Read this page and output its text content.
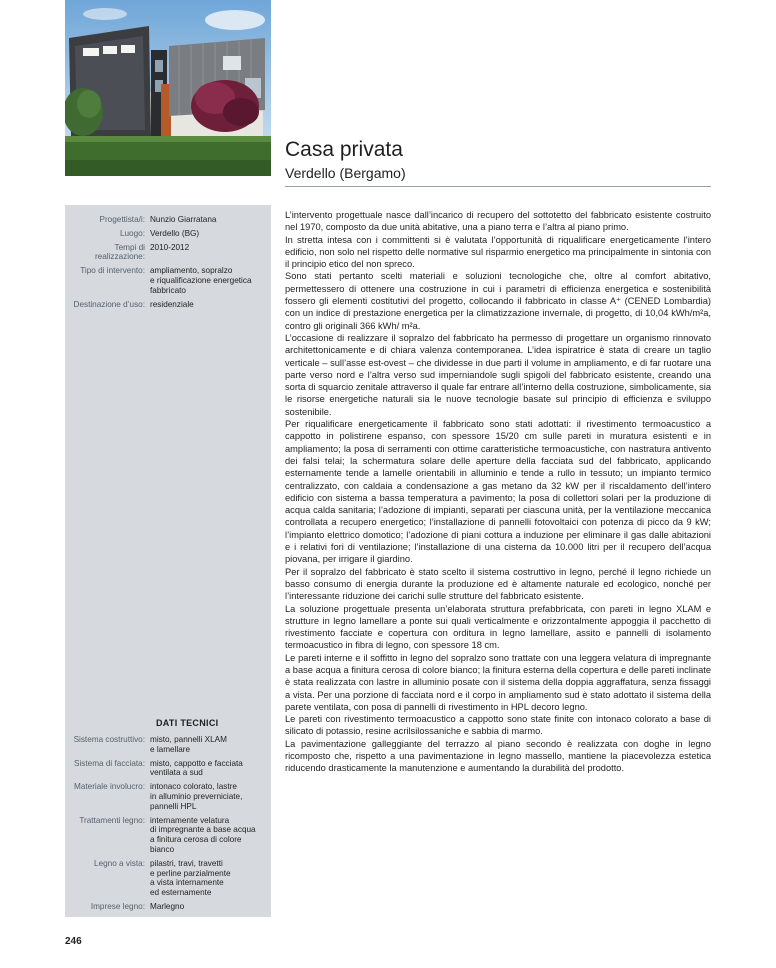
Casa privata
Verdello (Bergamo)
Progettista/i: Nunzio Giarratana
Luogo: Verdello (BG)
Tempi di realizzazione:
2010-2012
Tipo di intervento: ampliamento, sopralzo
e riqualificazione energetica
fabbricato
Destinazione d’uso: residenziale
DATI TECNICI
Sistema costruttivo: misto, pannelli XLAM
e lamellare
Sistema di facciata: misto, cappotto e facciata
ventilata a sud
Materiale involucro: intonaco colorato, lastre
in alluminio preverniciate,
pannelli HPL
Trattamenti legno: internamente velatura
di impregnante a base acqua
a finitura cerosa di colore
bianco
Legno a vista: pilastri, travi, travetti
e perline parzialmente
a vista internamente
ed esternamente
Imprese legno: Marlegno

L’intervento progettuale nasce dall’incarico di recupero del sottotetto del fabbricato esistente costruito nel 1970, composto da due unità abitative, una a piano terra e l’altra al piano primo.

In stretta intesa con i committenti si è valutata l’opportunità di riqualificare energeticamente l’intero edificio, non solo nel rispetto delle normative sul risparmio energetico ma principalmente in sintonia con il principio etico del non spreco.

Sono stati pertanto scelti materiali e soluzioni tecnologiche che, oltre al comfort abitativo, permettessero di ottenere una costruzione in cui i parametri di efficienza energetica e sostenibilità fossero gli elementi costitutivi del progetto, collocando il fabbricato in classe A⁺ (CENED Lombardia) con un indice di prestazione energetica per la climatizzazione invernale, di progetto, di 10,04 kWh/m²a, contro gli originali 366 kWh/ m²a.

L’occasione di realizzare il sopralzo del fabbricato ha permesso di progettare un organismo rinnovato architettonicamente e di chiara valenza contemporanea. L’idea ispiratrice è stata di creare un taglio verticale – sull’asse est-ovest – che dividesse in due parti il volume in ampliamento, e di far ruotare una parte verso nord e l’altra verso sud imperniandole sugli spigoli del fabbricato esistente, creando una sorta di squarcio zenitale attraverso il quale far entrare all’interno della costruzione, simbolicamente, sia le risorse energetiche naturali sia le nuove tecnologie basate sul principio di efficienza e sviluppo sostenibile.

Per riqualificare energeticamente il fabbricato sono stati adottati: il rivestimento termoacustico a cappotto in polistirene espanso, con spessore 15/20 cm sulle pareti in muratura esistenti e in ampliamento; la posa di serramenti con ottime caratteristiche termoacustiche, con nastratura antivento dei falsi telai; la schermatura solare delle aperture della facciata sud del fabbricato, applicando esternamente tende a lamelle orientabili in alluminio e tende a rullo in tessuto; un impianto termico centralizzato, con caldaia a condensazione a gas metano da 32 kW per il riscaldamento dell’intero edificio con sistema a bassa temperatura a pavimento; la posa di collettori solari per la produzione di acqua calda sanitaria; l’adozione di impianti, separati per ciascuna unità, per la ventilazione meccanica controllata a recupero energetico; l’installazione di pannelli fotovoltaici con potenza di picco da 9 kW; l’impianto elettrico domotico; l’adozione di piani cottura a induzione per eliminare il gas dalle abitazioni e i relativi fori di ventilazione; l’installazione di una cisterna da 10.000 litri per il recupero dell’acqua piovana, per irrigare il giardino.

Per il sopralzo del fabbricato è stato scelto il sistema costruttivo in legno, perché il legno richiede un basso consumo di energia durante la produzione ed è altamente naturale ed ecologico, nonché per l’interessante riduzione dei carichi sulle strutture del fabbricato esistente.

La soluzione progettuale presenta un’elaborata struttura prefabbricata, con pareti in legno XLAM e strutture in legno lamellare a ponte sui quali verticalmente e orizzontalmente appoggia il pacchetto di rivestimento facciate e copertura con orditura in legno lamellare, assito e pannelli di isolamento termoacustico in fibra di legno, con spessore 18 cm.

Le pareti interne e il soffitto in legno del sopralzo sono trattate con una leggera velatura di impregnante a base acqua a finitura cerosa di colore bianco; la finitura esterna della copertura e delle pareti inclinate è stata realizzata con lastre in alluminio posate con il sistema della doppia aggraffatura, senza fissaggi a vista. Per una porzione di facciata nord e il corpo in ampliamento sud è stato adottato il sistema della parete ventilata, con posa di pannelli di rivestimento in HPL decoro legno.

Le pareti con rivestimento termoacustico a cappotto sono state finite con intonaco colorato a base di silicato di potassio, resine acrilsilossaniche e sabbia di marmo.

La pavimentazione galleggiante del terrazzo al piano secondo è realizzata con doghe in legno ricomposto che, rispetto a una pavimentazione in legno massello, mantiene la piacevolezza estetica riducendo drasticamente la manutenzione e aumentando la durabilità del prodotto.

246
